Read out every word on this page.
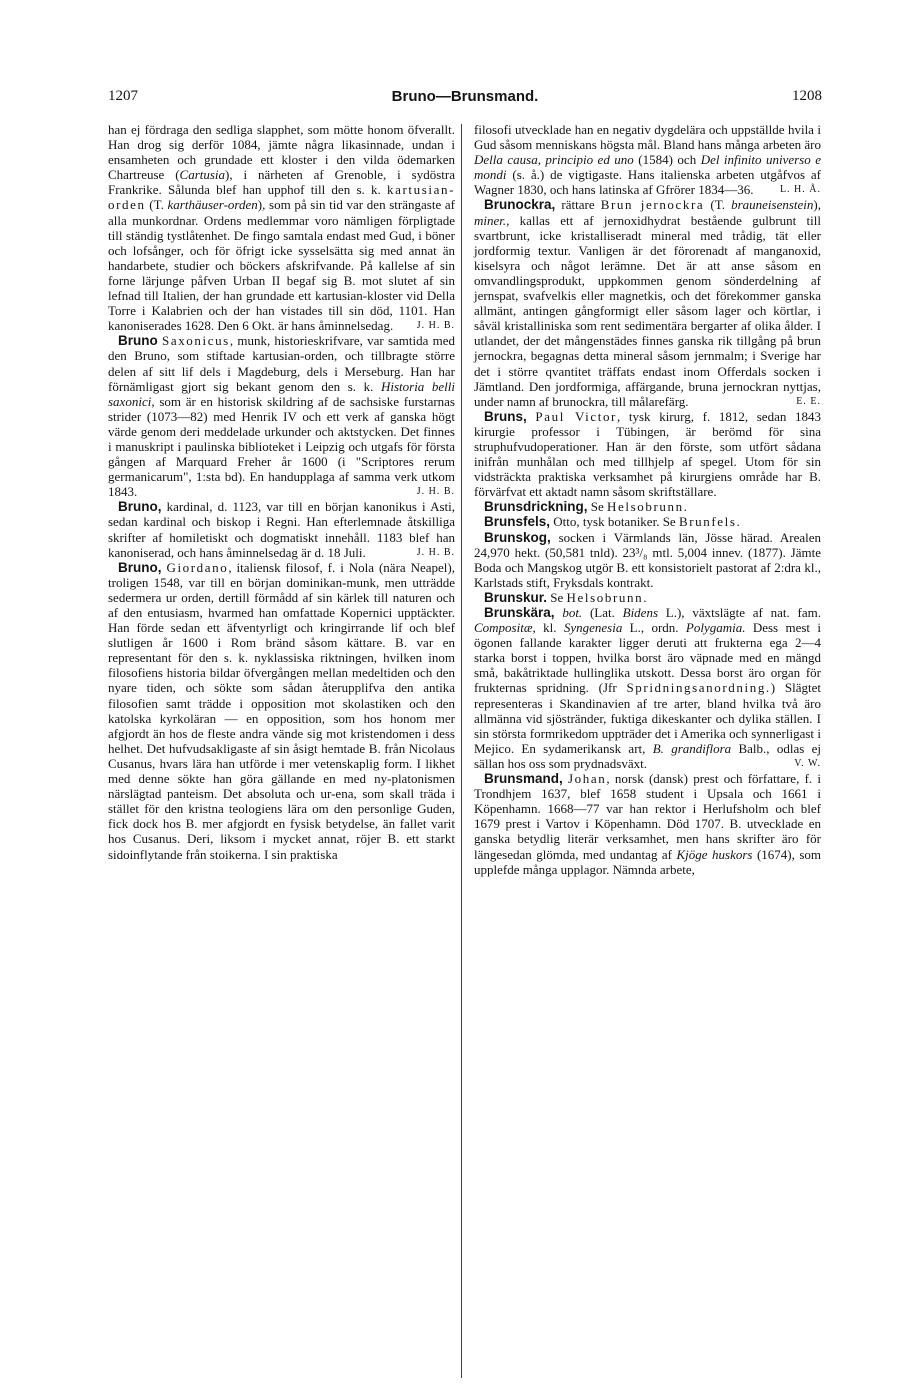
1207	Bruno—Brunsmand.	1208

han ej fördraga den sedliga slapphet, som mötte honom öfverallt. Han drog sig derför 1084, jämte några likasinnade, undan i ensamheten och grundade ett kloster i den vilda ödemarken Chartreuse (Cartusia), i närheten af Grenoble, i sydöstra Frankrike. Sålunda blef han upphof till den s. k. kartusian-orden (T. karthäuser-orden), som på sin tid var den strängaste af alla munkordnar. Ordens medlemmar voro nämligen förpligtade till ständig tystlåtenhet. De fingo samtala endast med Gud, i böner och lofsånger, och för öfrigt icke sysselsätta sig med annat än handarbete, studier och böckers afskrifvande. På kallelse af sin forne lärjunge påfven Urban II begaf sig B. mot slutet af sin lefnad till Italien, der han grundade ett kartusian-kloster vid Della Torre i Kalabrien och der han vistades till sin död, 1101. Han kanoniserades 1628. Den 6 Okt. är hans åminnelsedag. J. H. B.

Bruno Saxonicus, munk, historieskrifvare, var samtida med den Bruno, som stiftade kartusian-orden, och tillbragte större delen af sitt lif dels i Magdeburg, dels i Merseburg. Han har förnämligast gjort sig bekant genom den s. k. Historia belli saxonici, som är en historisk skildring af de sachsiske furstarnas strider (1073—82) med Henrik IV och ett verk af ganska högt värde genom deri meddelade urkunder och aktstycken. Det finnes i manuskript i paulinska biblioteket i Leipzig och utgafs för första gången af Marquard Freher år 1600 (i "Scriptores rerum germanicarum", 1:sta bd). En handupplaga af samma verk utkom 1843.	J. H. B.

Bruno, kardinal, d. 1123, var till en början kanonikus i Asti, sedan kardinal och biskop i Regni. Han efterlemnade åtskilliga skrifter af homiletiskt och dogmatiskt innehåll. 1183 blef han kanoniserad, och hans åminnelsedag är d. 18 Juli.	J. H. B.

Bruno, Giordano, italiensk filosof, f. i Nola (nära Neapel), troligen 1548, var till en början dominikan-munk, men utträdde sedermera ur orden, dertill förmådd af sin kärlek till naturen och af den entusiasm, hvarmed han omfattade Kopernici upptäckter. Han förde sedan ett äfventyrligt och kringirrande lif och blef slutligen år 1600 i Rom bränd såsom kättare. B. var en representant för den s. k. nyklassiska riktningen, hvilken inom filosofiens historia bildar öfvergången mellan medeltiden och den nyare tiden, och sökte som sådan återupplifva den antika filosofien samt trädde i opposition mot skolastiken och den katolska kyrkoläran — en opposition, som hos honom mer afgjordt än hos de fleste andra vände sig mot kristendomen i dess helhet. Det hufvudsakligaste af sin åsigt hemtade B. från Nicolaus Cusanus, hvars lära han utförde i mer vetenskaplig form. I likhet med denne sökte han göra gällande en med ny-platonismen närslägtad panteism. Det absoluta och ur-ena, som skall träda i stället för den kristna teologiens lära om den personlige Guden, fick dock hos B. mer afgjordt en fysisk betydelse, än fallet varit hos Cusanus. Deri, liksom i mycket annat, röjer B. ett starkt sidoinflytande från stoikerna. I sin praktiska

filosofi utvecklade han en negativ dygdelära och uppställde hvila i Gud såsom menniskans högsta mål. Bland hans många arbeten äro Della causa, principio ed uno (1584) och Del infinito universo e mondi (s. å.) de vigtigaste. Hans italienska arbeten utgåfvos af Wagner 1830, och hans latinska af Gfrörer 1834—36.	L. H. Å.

Brunockra, rättare Brun jernockra (T. brauneisenstein), miner., kallas ett af jernoxidhydrat bestående gulbrunt till svartbrunt, icke kristalliseradt mineral med trådig, tät eller jordformig textur. Vanligen är det förorenadt af manganoxid, kiselsyra och något lerämne. Det är att anse såsom en omvandlingsprodukt, uppkommen genom sönderdelning af jernspat, svafvelkis eller magnetkis, och det förekommer ganska allmänt, antingen gångformigt eller såsom lager och körtlar, i såväl kristalliniska som rent sedimentära bergarter af olika ålder. I utlandet, der det mångenstädes finnes ganska rik tillgång på brun jernockra, begagnas detta mineral såsom jernmalm; i Sverige har det i större qvantitet träffats endast inom Offerdals socken i Jämtland. Den jordformiga, affärgande, bruna jernockran nyttjas, under namn af brunockra, till målarefärg.	E. E.

Bruns, Paul Victor, tysk kirurg, f. 1812, sedan 1843 kirurgie professor i Tübingen, är berömd för sina struphufvudoperationer. Han är den förste, som utfört sådana inifrån munhålan och med tillhjelp af spegel. Utom för sin vidsträckta praktiska verksamhet på kirurgiens område har B. förvärfvat ett aktadt namn såsom skriftställare.

Brunsdrickning, Se Helsobrunn.

Brunsfels, Otto, tysk botaniker. Se Brunfels.

Brunskog, socken i Värmlands län, Jösse härad. Arealen 24,970 hekt. (50,581 tnld). 23³/₈ mtl. 5,004 innev. (1877). Jämte Boda och Mangskog utgör B. ett konsistorielt pastorat af 2:dra kl., Karlstads stift, Fryksdals kontrakt.

Brunskur. Se Helsobrunn.

Brunskära, bot. (Lat. Bidens L.), växtslägte af nat. fam. Compositæ, kl. Syngenesia L., ordn. Polygamia. Dess mest i ögonen fallande karakter ligger deruti att frukterna ega 2—4 starka borst i toppen, hvilka borst äro väpnade med en mängd små, bakåtriktade hullinglika utskott. Dessa borst äro organ för frukternas spridning. (Jfr Spridningsanordning.) Slägtet representeras i Skandinavien af tre arter, bland hvilka två äro allmänna vid sjöstränder, fuktiga dikeskanter och dylika ställen. I sin största formrikedom uppträder det i Amerika och synnerligast i Mejico. En sydamerikansk art, B. grandiflora Balb., odlas ej sällan hos oss som prydnadsväxt.	V. W.

Brunsmand, Johan, norsk (dansk) prest och författare, f. i Trondhjem 1637, blef 1658 student i Upsala och 1661 i Köpenhamn. 1668—77 var han rektor i Herlufsholm och blef 1679 prest i Vartov i Köpenhamn. Död 1707. B. utvecklade en ganska betydlig literär verksamhet, men hans skrifter äro för längesedan glömda, med undantag af Kjöge huskors (1674), som upplefde många upplagor. Nämnda arbete,
